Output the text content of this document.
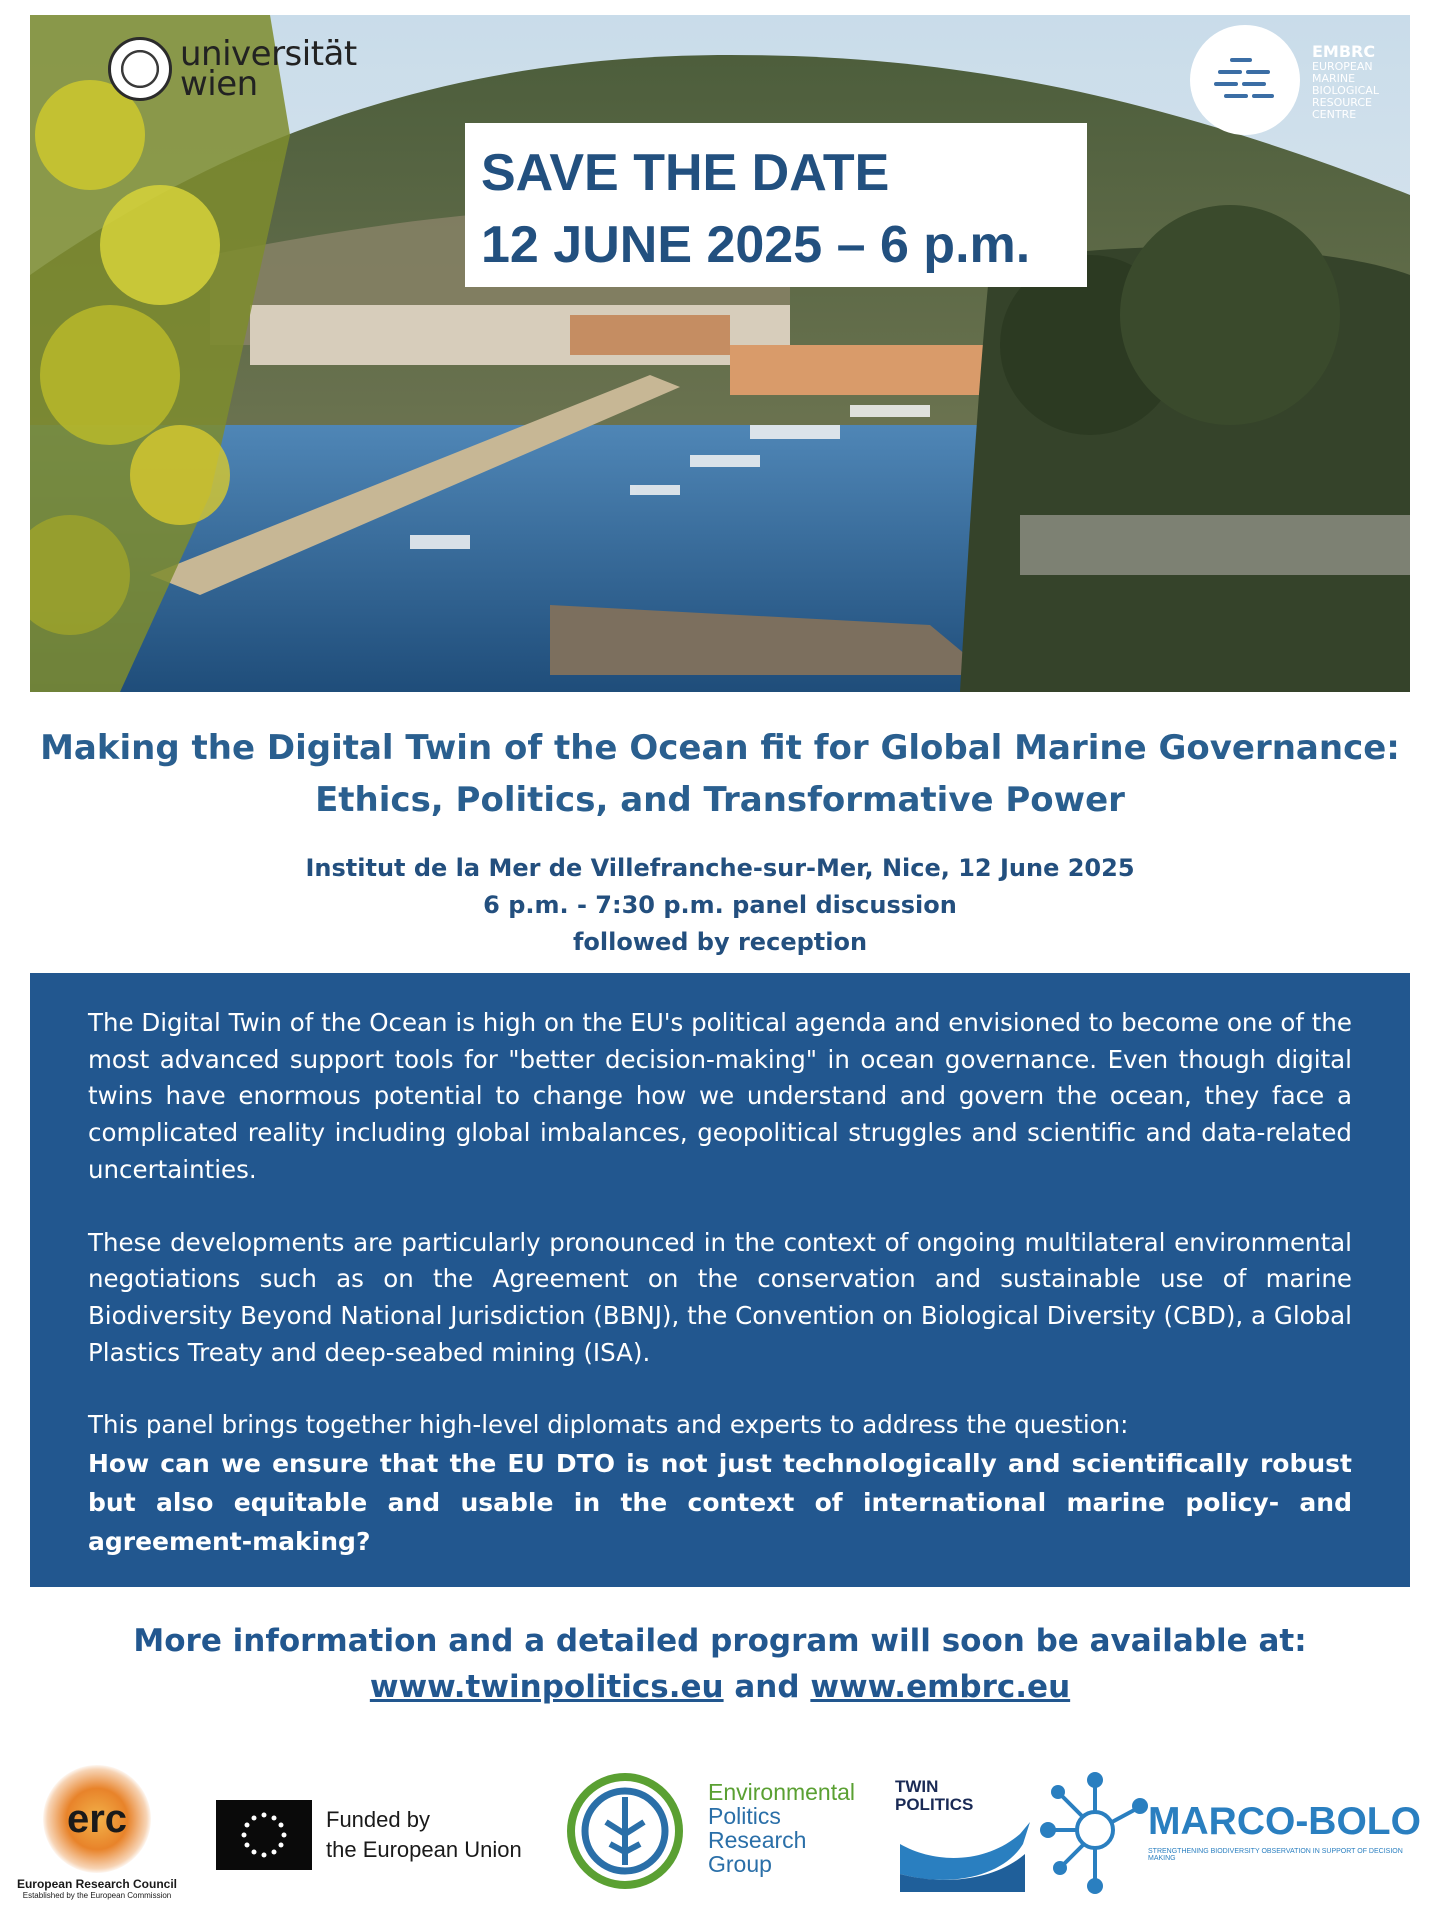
universität
wien
EMBRC
EUROPEAN
MARINE
BIOLOGICAL
RESOURCE
CENTRE
SAVE THE DATE
12 JUNE 2025 – 6 p.m.
Making the Digital Twin of the Ocean fit for Global Marine Governance:
Ethics, Politics, and Transformative Power
Institut de la Mer de Villefranche-sur-Mer, Nice, 12 June 2025
6 p.m. - 7:30 p.m. panel discussion
followed by reception

The Digital Twin of the Ocean is high on the EU's political agenda and envisioned to become one of the most advanced support tools for "better decision-making" in ocean governance. Even though digital twins have enormous potential to change how we understand and govern the ocean, they face a complicated reality including global imbalances, geopolitical struggles and scientific and data-related uncertainties.

These developments are particularly pronounced in the context of ongoing multilateral environmental negotiations such as on the Agreement on the conservation and sustainable use of marine Biodiversity Beyond National Jurisdiction (BBNJ), the Convention on Biological Diversity (CBD), a Global Plastics Treaty and deep-seabed mining (ISA).

This panel brings together high-level diplomats and experts to address the question:

How can we ensure that the EU DTO is not just technologically and scientifically robust but also equitable and usable in the context of international marine policy- and agreement-making?

More information and a detailed program will soon be available at:
www.twinpolitics.eu and www.embrc.eu
erc
European Research Council
Established by the European Commission
Funded by
the European Union
Environmental
Politics
Research
Group
TWIN
POLITICS	MARCO-BOLO
STRENGTHENING BIODIVERSITY OBSERVATION IN SUPPORT OF DECISION MAKING
